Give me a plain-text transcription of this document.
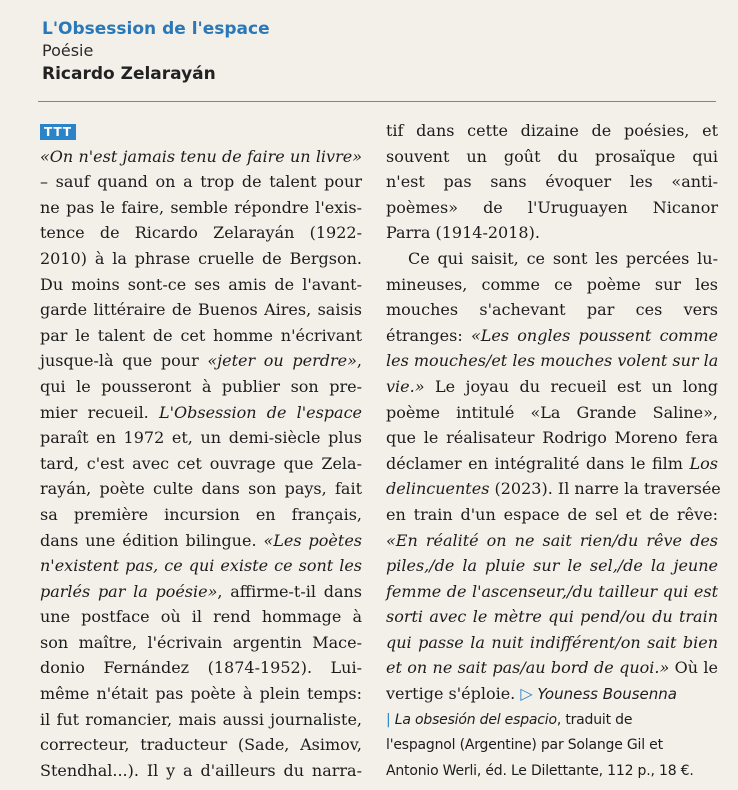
L'Obsession de l'espace
Poésie
Ricardo Zelarayán
TTT
«On n'est jamais tenu de faire un livre»
– sauf quand on a trop de talent pour
ne pas le faire, semble répondre l'exis-
tence de Ricardo Zelarayán (1922-
2010) à la phrase cruelle de Bergson.
Du moins sont-ce ses amis de l'avant-
garde littéraire de Buenos Aires, saisis
par le talent de cet homme n'écrivant
jusque-là que pour «jeter ou perdre»,
qui le pousseront à publier son pre-
mier recueil. L'Obsession de l'espace
paraît en 1972 et, un demi-siècle plus
tard, c'est avec cet ouvrage que Zela-
rayán, poète culte dans son pays, fait
sa première incursion en français,
dans une édition bilingue. «Les poètes
n'existent pas, ce qui existe ce sont les
parlés par la poésie», affirme-t-il dans
une postface où il rend hommage à
son maître, l'écrivain argentin Mace-
donio Fernández (1874-1952). Lui-
même n'était pas poète à plein temps:
il fut romancier, mais aussi journaliste,
correcteur, traducteur (Sade, Asimov,
Stendhal...). Il y a d'ailleurs du narra-
tif dans cette dizaine de poésies, et
souvent un goût du prosaïque qui
n'est pas sans évoquer les «anti-
poèmes» de l'Uruguayen Nicanor
Parra (1914-2018).
Ce qui saisit, ce sont les percées lu-
mineuses, comme ce poème sur les
mouches s'achevant par ces vers
étranges: «Les ongles poussent comme
les mouches/et les mouches volent sur la
vie.» Le joyau du recueil est un long
poème intitulé «La Grande Saline»,
que le réalisateur Rodrigo Moreno fera
déclamer en intégralité dans le film Los
delincuentes (2023). Il narre la traversée
en train d'un espace de sel et de rêve:
«En réalité on ne sait rien/du rêve des
piles,/de la pluie sur le sel,/de la jeune
femme de l'ascenseur,/du tailleur qui est
sorti avec le mètre qui pend/ou du train
qui passe la nuit indifférent/on sait bien
et on ne sait pas/au bord de quoi.» Où le
vertige s'éploie. ▷ Youness Bousenna
| La obsesión del espacio, traduit de
l'espagnol (Argentine) par Solange Gil et
Antonio Werli, éd. Le Dilettante, 112 p., 18 €.
